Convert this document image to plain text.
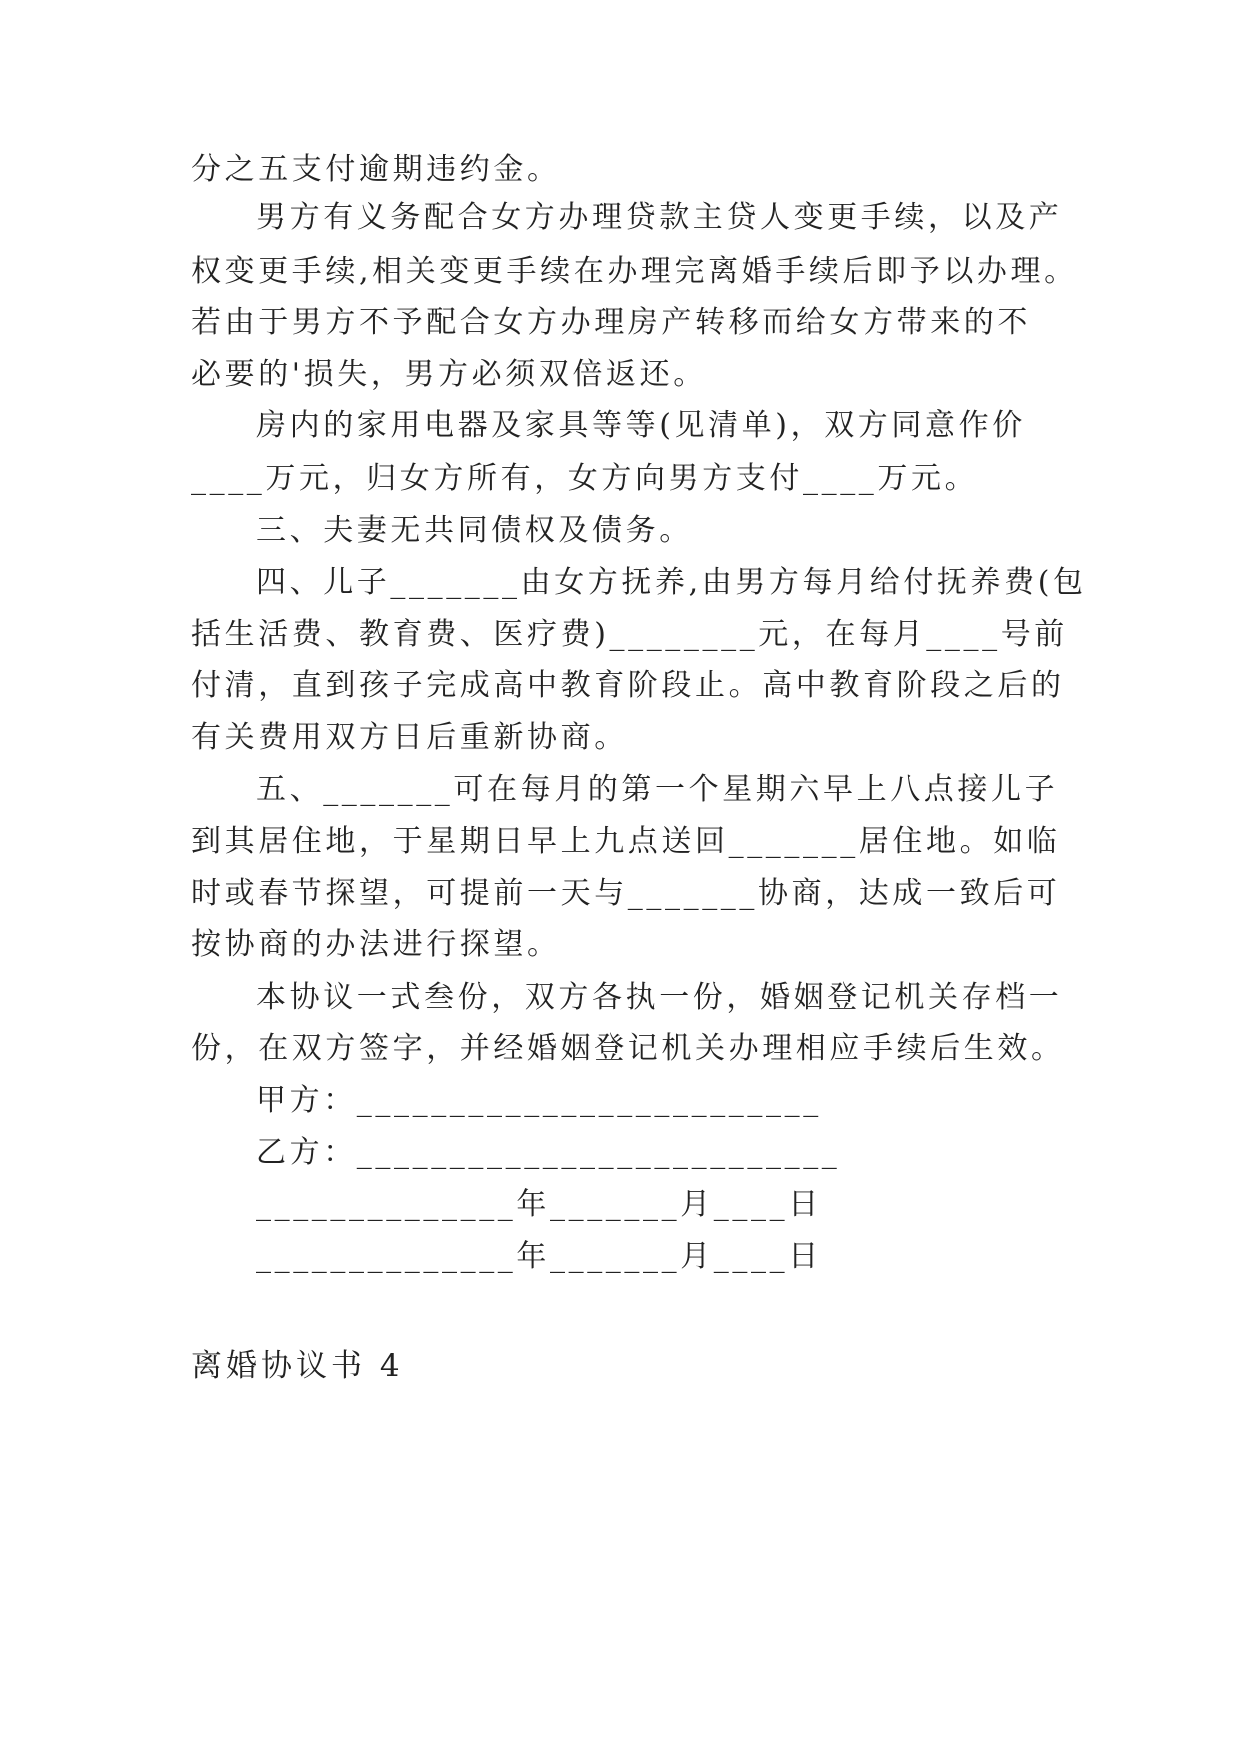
分之五支付逾期违约金。
男方有义务配合女方办理贷款主贷人变更手续，以及产
权变更手续,相关变更手续在办理完离婚手续后即予以办理。
若由于男方不予配合女方办理房产转移而给女方带来的不
必要的'损失，男方必须双倍返还。
房内的家用电器及家具等等(见清单)，双方同意作价
____万元，归女方所有，女方向男方支付____万元。
三、夫妻无共同债权及债务。
四、儿子_______由女方抚养,由男方每月给付抚养费(包
括生活费、教育费、医疗费)________元，在每月____号前
付清，直到孩子完成高中教育阶段止。高中教育阶段之后的
有关费用双方日后重新协商。
五、_______可在每月的第一个星期六早上八点接儿子
到其居住地，于星期日早上九点送回_______居住地。如临
时或春节探望，可提前一天与_______协商，达成一致后可
按协商的办法进行探望。
本协议一式叁份，双方各执一份，婚姻登记机关存档一
份，在双方签字，并经婚姻登记机关办理相应手续后生效。
甲方：_________________________
乙方：__________________________
______________年_______月____日
______________年_______月____日
离婚协议书 4
